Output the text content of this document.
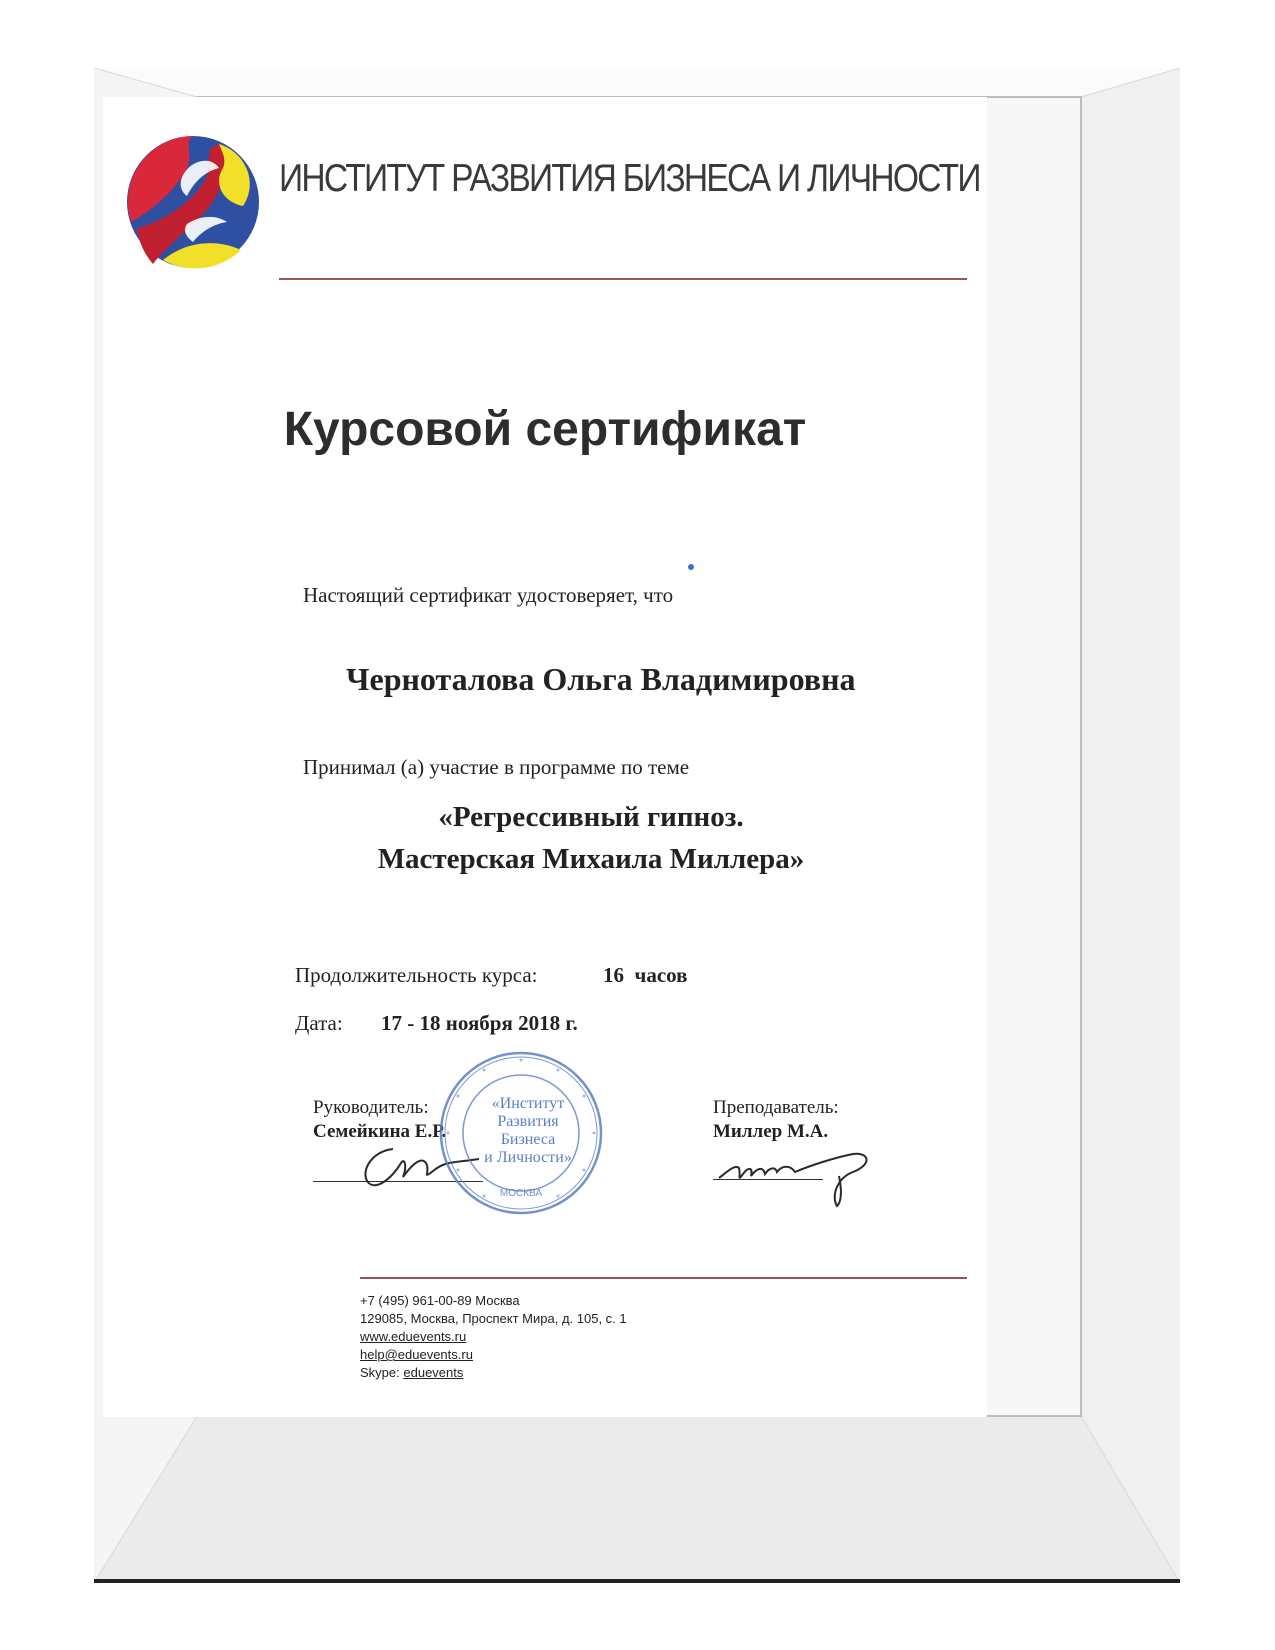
ИНСТИТУТ РАЗВИТИЯ БИЗНЕСА И ЛИЧНОСТИ
Курсовой сертификат
Настоящий сертификат удостоверяет, что
Черноталова Ольга Владимировна
Принимал (а) участие в программе по теме
«Регрессивный гипноз.
Мастерская Михаила Миллера»
Продолжительность курса:	16  часов
Дата: 17 - 18 ноября 2018 г.
Руководитель:
Семейкина Е.Р.
«Институт
Развития
Бизнеса
и Личности»
МОСКВА
Преподаватель:
Миллер М.А.
+7 (495) 961-00-89 Москва
129085, Москва, Проспект Мира, д. 105, с. 1
www.eduevents.ru
help@eduevents.ru
Skype: eduevents
